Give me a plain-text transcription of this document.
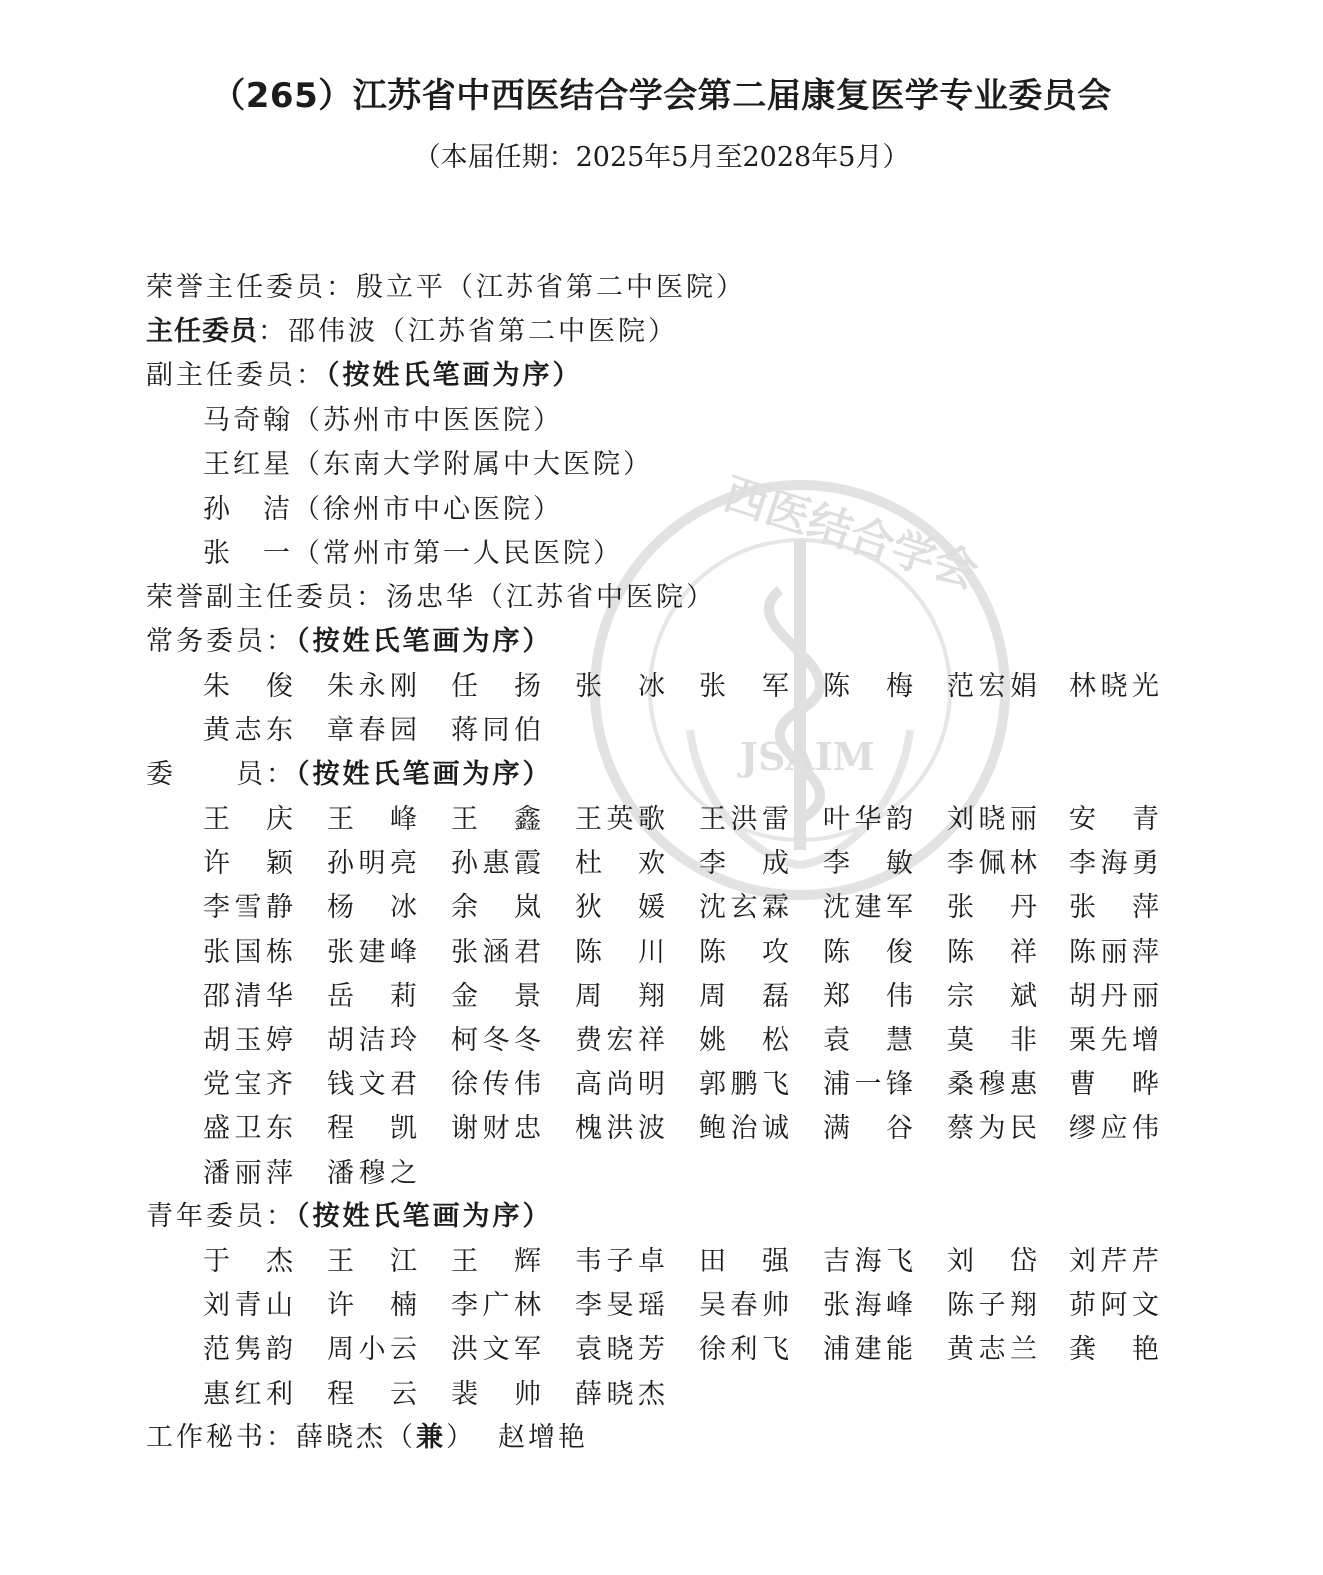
西医结合学会
JSAIM
（265）江苏省中西医结合学会第二届康复医学专业委员会
（本届任期：2025年5月至2028年5月）
荣誉主任委员：殷立平（江苏省第二中医院）
主任委员：邵伟波（江苏省第二中医院）
副主任委员：（按姓氏笔画为序）
马奇翰（苏州市中医医院）
王红星（东南大学附属中大医院）
孙　洁（徐州市中心医院）
张　一（常州市第一人民医院）
荣誉副主任委员：汤忠华（江苏省中医院）
常务委员：（按姓氏笔画为序）
朱俊 朱永刚 任扬 张冰 张军 陈梅 范宏娟 林晓光
黄志东 章春园 蒋同伯
委　　员：（按姓氏笔画为序）
王庆 王峰 王鑫 王英歌 王洪雷 叶华韵 刘晓丽 安青
许颖 孙明亮 孙惠霞 杜欢 李成 李敏 李佩林 李海勇
李雪静 杨冰 余岚 狄媛 沈玄霖 沈建军 张丹 张萍
张国栋 张建峰 张涵君 陈川 陈攻 陈俊 陈祥 陈丽萍
邵清华 岳莉 金景 周翔 周磊 郑伟 宗斌 胡丹丽
胡玉婷 胡洁玲 柯冬冬 费宏祥 姚松 袁慧 莫非 栗先增
党宝齐 钱文君 徐传伟 高尚明 郭鹏飞 浦一锋 桑穆惠 曹晔
盛卫东 程凯 谢财忠 槐洪波 鲍治诚 满谷 蔡为民 缪应伟
潘丽萍 潘穆之
青年委员：（按姓氏笔画为序）
于杰 王江 王辉 韦子卓 田强 吉海飞 刘岱 刘芹芹
刘青山 许楠 李广林 李旻瑶 吴春帅 张海峰 陈子翔 茆阿文
范隽韵 周小云 洪文军 袁晓芳 徐利飞 浦建能 黄志兰 龚艳
惠红利 程云 裴帅 薛晓杰
工作秘书：薛晓杰（兼） 赵增艳
